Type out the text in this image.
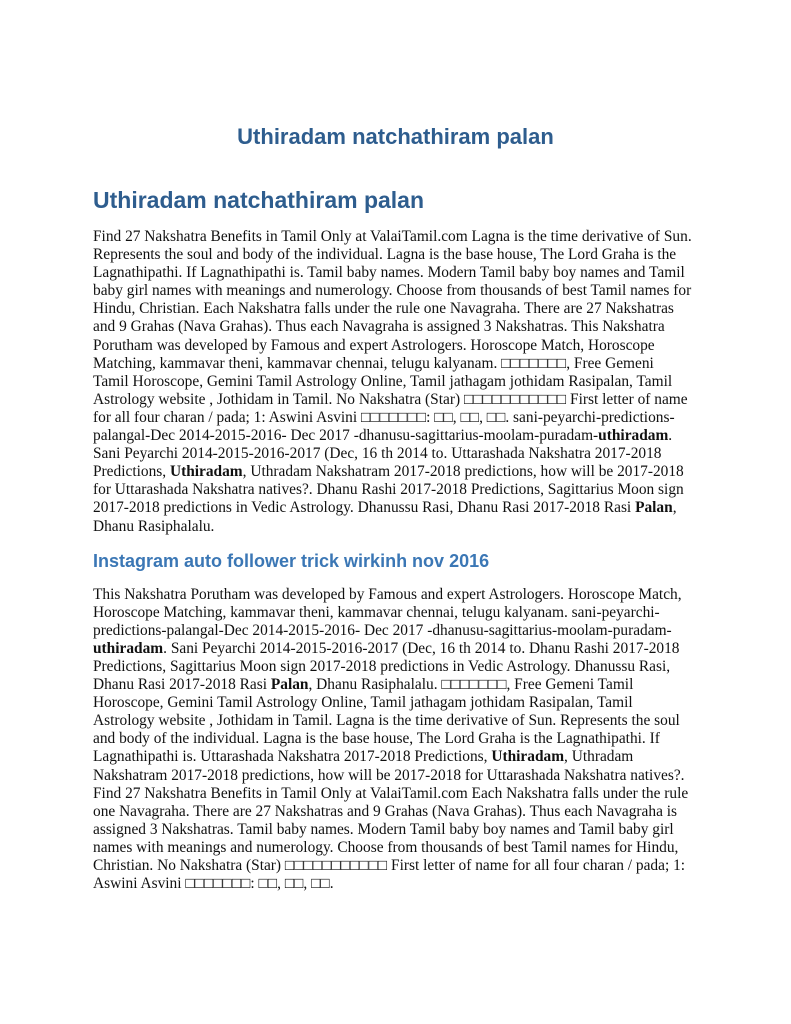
Uthiradam natchathiram palan
Uthiradam natchathiram palan

Find 27 Nakshatra Benefits in Tamil Only at ValaiTamil.com Lagna is the time derivative of Sun. Represents the soul and body of the individual. Lagna is the base house, The Lord Graha is the Lagnathipathi. If Lagnathipathi is. Tamil baby names. Modern Tamil baby boy names and Tamil baby girl names with meanings and numerology. Choose from thousands of best Tamil names for Hindu, Christian. Each Nakshatra falls under the rule one Navagraha. There are 27 Nakshatras and 9 Grahas (Nava Grahas). Thus each Navagraha is assigned 3 Nakshatras. This Nakshatra Porutham was developed by Famous and expert Astrologers. Horoscope Match, Horoscope Matching, kammavar theni, kammavar chennai, telugu kalyanam. □□□□□□□, Free Gemeni Tamil Horoscope, Gemini Tamil Astrology Online, Tamil jathagam jothidam Rasipalan, Tamil Astrology website , Jothidam in Tamil. No Nakshatra (Star) □□□□□□□□□□□ First letter of name for all four charan / pada; 1: Aswini Asvini □□□□□□□: □□, □□, □□. sani-peyarchi-predictions-palangal-Dec 2014-2015-2016- Dec 2017 -dhanusu-sagittarius-moolam-puradam-uthiradam. Sani Peyarchi 2014-2015-2016-2017 (Dec, 16 th 2014 to. Uttarashada Nakshatra 2017-2018 Predictions, Uthiradam, Uthradam Nakshatram 2017-2018 predictions, how will be 2017-2018 for Uttarashada Nakshatra natives?. Dhanu Rashi 2017-2018 Predictions, Sagittarius Moon sign 2017-2018 predictions in Vedic Astrology. Dhanussu Rasi, Dhanu Rasi 2017-2018 Rasi Palan, Dhanu Rasiphalalu.

Instagram auto follower trick wirkinh nov 2016

This Nakshatra Porutham was developed by Famous and expert Astrologers. Horoscope Match, Horoscope Matching, kammavar theni, kammavar chennai, telugu kalyanam. sani-peyarchi-predictions-palangal-Dec 2014-2015-2016- Dec 2017 -dhanusu-sagittarius-moolam-puradam-uthiradam. Sani Peyarchi 2014-2015-2016-2017 (Dec, 16 th 2014 to. Dhanu Rashi 2017-2018 Predictions, Sagittarius Moon sign 2017-2018 predictions in Vedic Astrology. Dhanussu Rasi, Dhanu Rasi 2017-2018 Rasi Palan, Dhanu Rasiphalalu. □□□□□□□, Free Gemeni Tamil Horoscope, Gemini Tamil Astrology Online, Tamil jathagam jothidam Rasipalan, Tamil Astrology website , Jothidam in Tamil. Lagna is the time derivative of Sun. Represents the soul and body of the individual. Lagna is the base house, The Lord Graha is the Lagnathipathi. If Lagnathipathi is. Uttarashada Nakshatra 2017-2018 Predictions, Uthiradam, Uthradam Nakshatram 2017-2018 predictions, how will be 2017-2018 for Uttarashada Nakshatra natives?. Find 27 Nakshatra Benefits in Tamil Only at ValaiTamil.com Each Nakshatra falls under the rule one Navagraha. There are 27 Nakshatras and 9 Grahas (Nava Grahas). Thus each Navagraha is assigned 3 Nakshatras. Tamil baby names. Modern Tamil baby boy names and Tamil baby girl names with meanings and numerology. Choose from thousands of best Tamil names for Hindu, Christian. No Nakshatra (Star) □□□□□□□□□□□ First letter of name for all four charan / pada; 1: Aswini Asvini □□□□□□□: □□, □□, □□.
